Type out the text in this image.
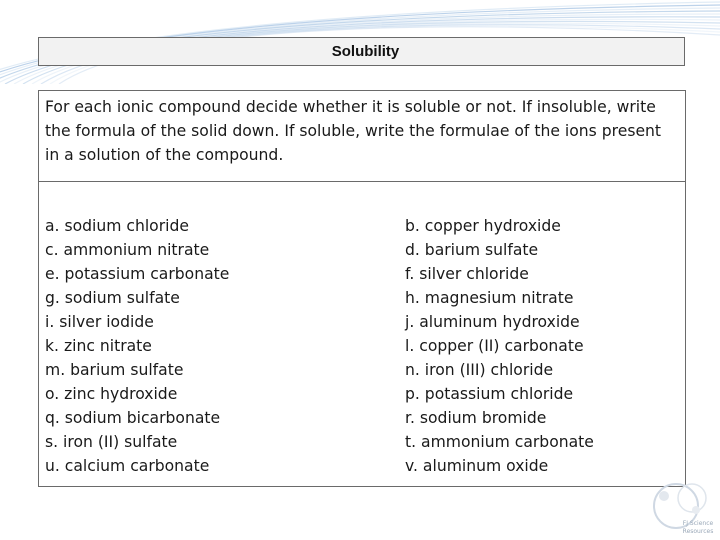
Solubility
For each ionic compound decide whether it is soluble or not. If insoluble, write the formula of the solid down. If soluble, write the formulae of the ions present in a solution of the compound.
a. sodium chloride
c. ammonium nitrate
e. potassium carbonate
g. sodium sulfate
i. silver iodide
k. zinc nitrate
m. barium sulfate
o. zinc hydroxide
q. sodium bicarbonate
s. iron (II) sulfate
u. calcium carbonate
b. copper hydroxide
d. barium sulfate
f. silver chloride
h. magnesium nitrate
j. aluminum hydroxide
l. copper (II) carbonate
n. iron (III) chloride
p. potassium chloride
r. sodium bromide
t. ammonium carbonate
v. aluminum oxide
FJ Science
Resources
